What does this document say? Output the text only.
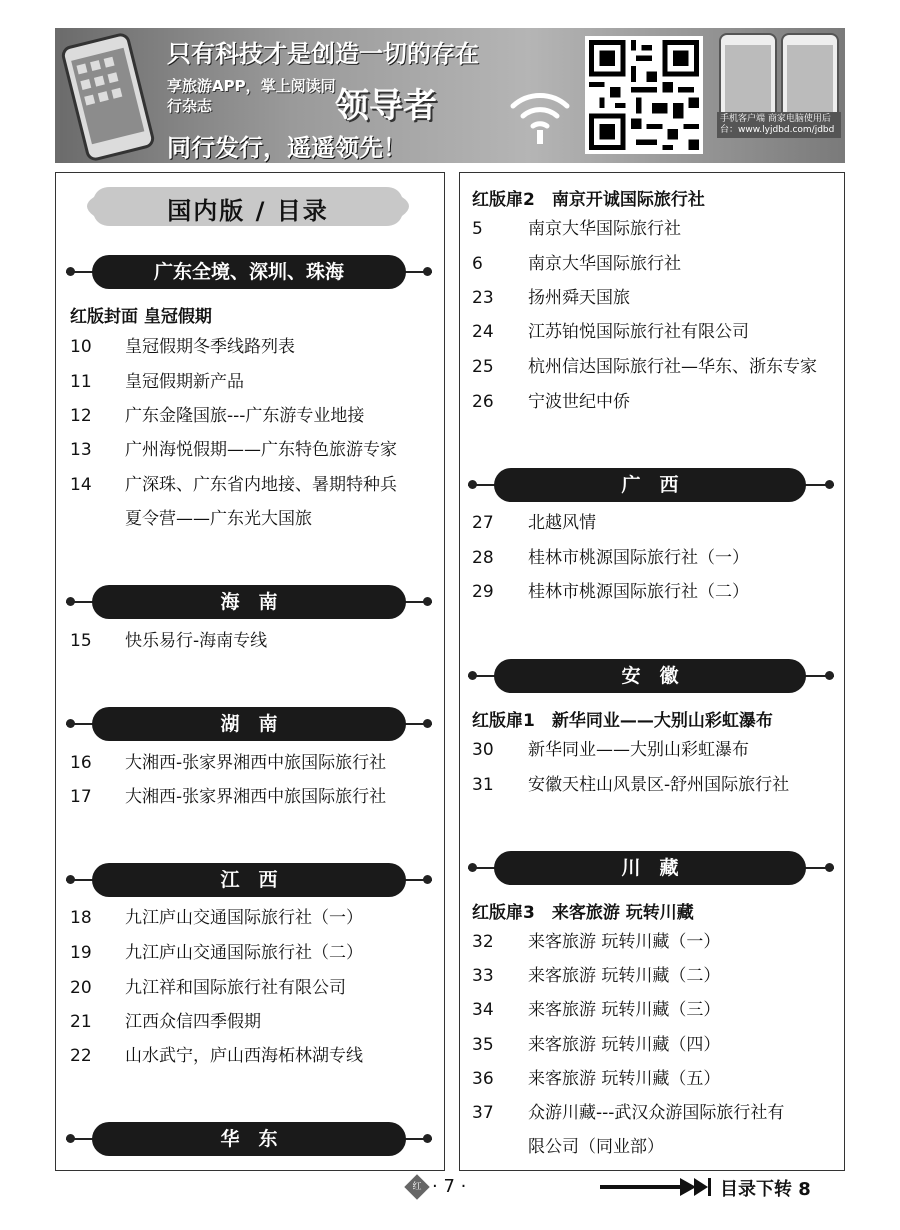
只有科技才是创造一切的存在
享旅游APP，掌上阅读同行杂志	领导者
同行发行，遥遥领先！
手机客户端 商家电脑使用后台：www.lyjdbd.com/jdbd
国内版 / 目录
广东全境、深圳、珠海
红版封面 皇冠假期
10 皇冠假期冬季线路列表
11 皇冠假期新产品
12 广东金隆国旅---广东游专业地接
13 广州海悦假期——广东特色旅游专家
14 广深珠、广东省内地接、暑期特种兵
夏令营——广东光大国旅
海　南
15 快乐易行-海南专线
湖　南
16 大湘西-张家界湘西中旅国际旅行社
17 大湘西-张家界湘西中旅国际旅行社
江　西
18 九江庐山交通国际旅行社（一）
19 九江庐山交通国际旅行社（二）
20 九江祥和国际旅行社有限公司
21 江西众信四季假期
22 山水武宁，庐山西海柘林湖专线
华　东
红版扉2　南京开诚国际旅行社
5	南京大华国际旅行社
6	南京大华国际旅行社
23 扬州舜天国旅
24 江苏铂悦国际旅行社有限公司
25 杭州信达国际旅行社—华东、浙东专家
26 宁波世纪中侨
广　西
27 北越风情
28 桂林市桃源国际旅行社（一）
29 桂林市桃源国际旅行社（二）
安　徽
红版扉1　新华同业——大别山彩虹瀑布
30 新华同业——大别山彩虹瀑布
31 安徽天柱山风景区-舒州国际旅行社
川　藏
红版扉3　来客旅游 玩转川藏
32 来客旅游 玩转川藏（一）
33 来客旅游 玩转川藏（二）
34 来客旅游 玩转川藏（三）
35 来客旅游 玩转川藏（四）
36 来客旅游 玩转川藏（五）
37 众游川藏---武汉众游国际旅行社有
限公司（同业部）
红 · 7 ·	目录下转 8
